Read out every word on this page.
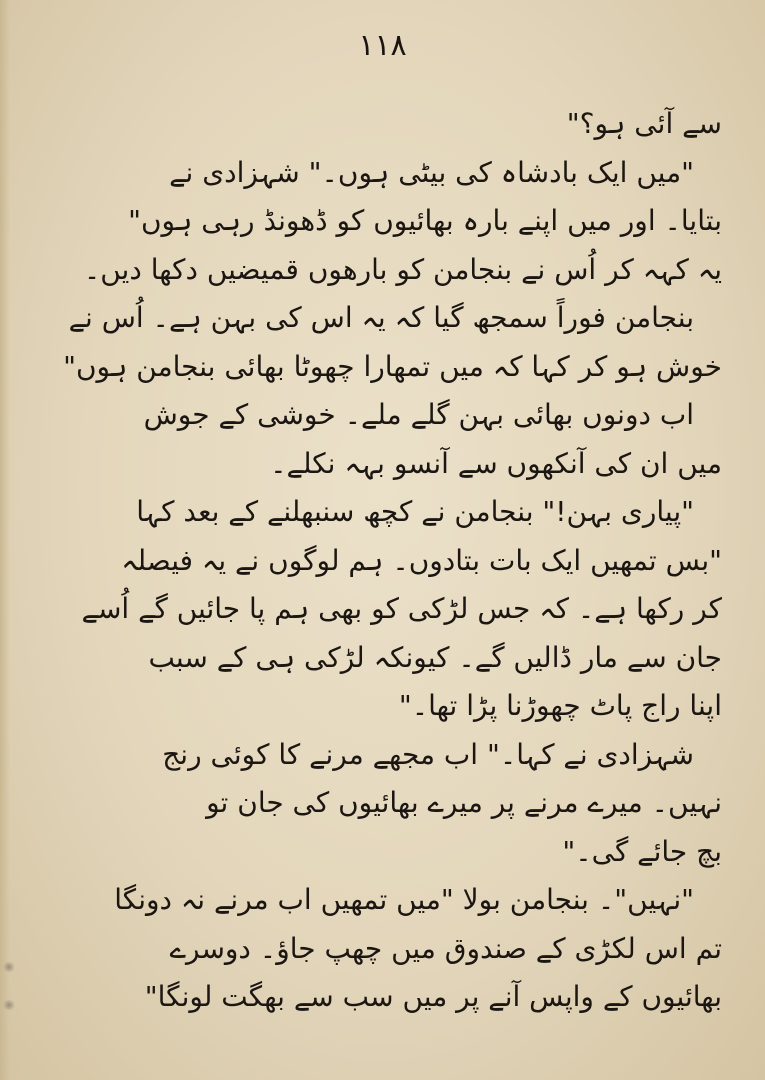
۱۱۸
سے آئی ہو؟"
"میں ایک بادشاہ کی بیٹی ہوں۔" شہزادی نے
بتایا۔ اور میں اپنے بارہ بھائیوں کو ڈھونڈ رہی ہوں"
یہ کہہ کر اُس نے بنجامن کو بارھوں قمیضیں دکھا دیں۔
بنجامن فوراً سمجھ گیا کہ یہ اس کی بہن ہے۔ اُس نے
خوش ہو کر کہا کہ میں تمھارا چھوٹا بھائی بنجامن ہوں"
اب دونوں بھائی بہن گلے ملے۔ خوشی کے جوش
میں ان کی آنکھوں سے آنسو بہہ نکلے۔
"پیاری بہن!" بنجامن نے کچھ سنبھلنے کے بعد کہا
"بس تمھیں ایک بات بتادوں۔ ہم لوگوں نے یہ فیصلہ
کر رکھا ہے۔ کہ جس لڑکی کو بھی ہم پا جائیں گے اُسے
جان سے مار ڈالیں گے۔ کیونکہ لڑکی ہی کے سبب
اپنا راج پاٹ چھوڑنا پڑا تھا۔"
شہزادی نے کہا۔" اب مجھے مرنے کا کوئی رنج
نہیں۔ میرے مرنے پر میرے بھائیوں کی جان تو
بچ جائے گی۔"
"نہیں"۔ بنجامن بولا "میں تمھیں اب مرنے نہ دونگا
تم اس لکڑی کے صندوق میں چھپ جاؤ۔ دوسرے
بھائیوں کے واپس آنے پر میں سب سے بھگت لونگا"
